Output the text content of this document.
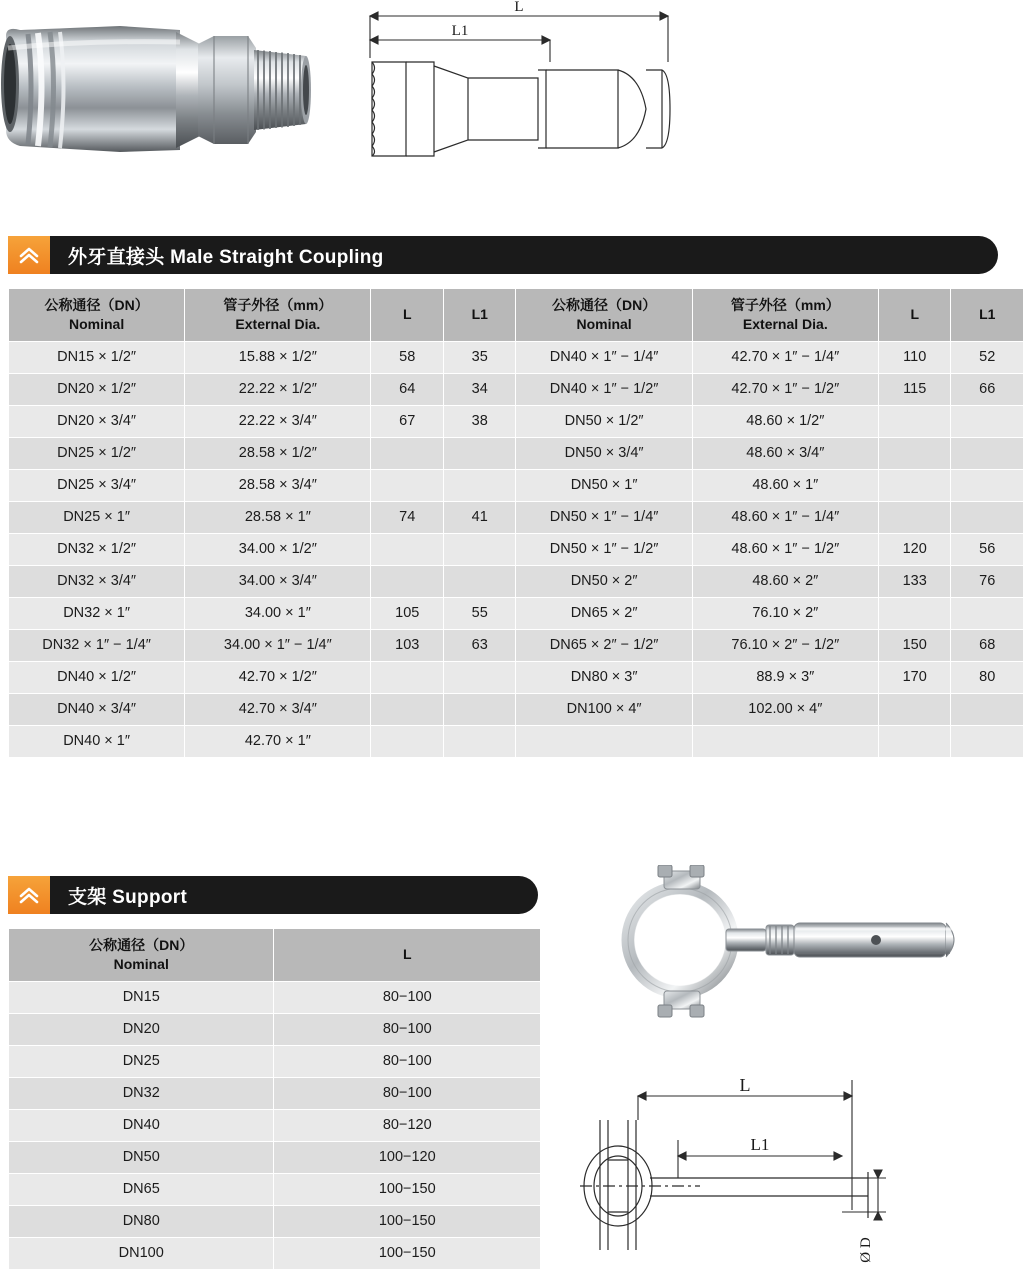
L
L1
外牙直接头 Male Straight Coupling
公称通径（DN）
Nominal	管子外径（mm）
External Dia.	L	L1	公称通径（DN）
Nominal	管子外径（mm）
External Dia.	L	L1
DN15 × 1/2″	15.88 × 1/2″	58	35	DN40 × 1″ − 1/4″	42.70 × 1″ − 1/4″	110	52
DN20 × 1/2″	22.22 × 1/2″	64	34	DN40 × 1″ − 1/2″	42.70 × 1″ − 1/2″	115	66
DN20 × 3/4″	22.22 × 3/4″	67	38	DN50 × 1/2″	48.60 × 1/2″		
DN25 × 1/2″	28.58 × 1/2″			DN50 × 3/4″	48.60 × 3/4″		
DN25 × 3/4″	28.58 × 3/4″			DN50 × 1″	48.60 × 1″		
DN25 × 1″	28.58 × 1″	74	41	DN50 × 1″ − 1/4″	48.60 × 1″ − 1/4″		
DN32 × 1/2″	34.00 × 1/2″			DN50 × 1″ − 1/2″	48.60 × 1″ − 1/2″	120	56
DN32 × 3/4″	34.00 × 3/4″			DN50 × 2″	48.60 × 2″	133	76
DN32 × 1″	34.00 × 1″	105	55	DN65 × 2″	76.10 × 2″		
DN32 × 1″ − 1/4″	34.00 × 1″ − 1/4″	103	63	DN65 × 2″ − 1/2″	76.10 × 2″ − 1/2″	150	68
DN40 × 1/2″	42.70 × 1/2″			DN80 × 3″	88.9 × 3″	170	80
DN40 × 3/4″	42.70 × 3/4″			DN100 × 4″	102.00 × 4″		
DN40 × 1″	42.70 × 1″						
支架 Support
公称通径（DN）
Nominal	L
DN15	80−100
DN20	80−100
DN25	80−100
DN32	80−100
DN40	80−120
DN50	100−120
DN65	100−150
DN80	100−150
DN100	100−150
L
L1
Ø D
